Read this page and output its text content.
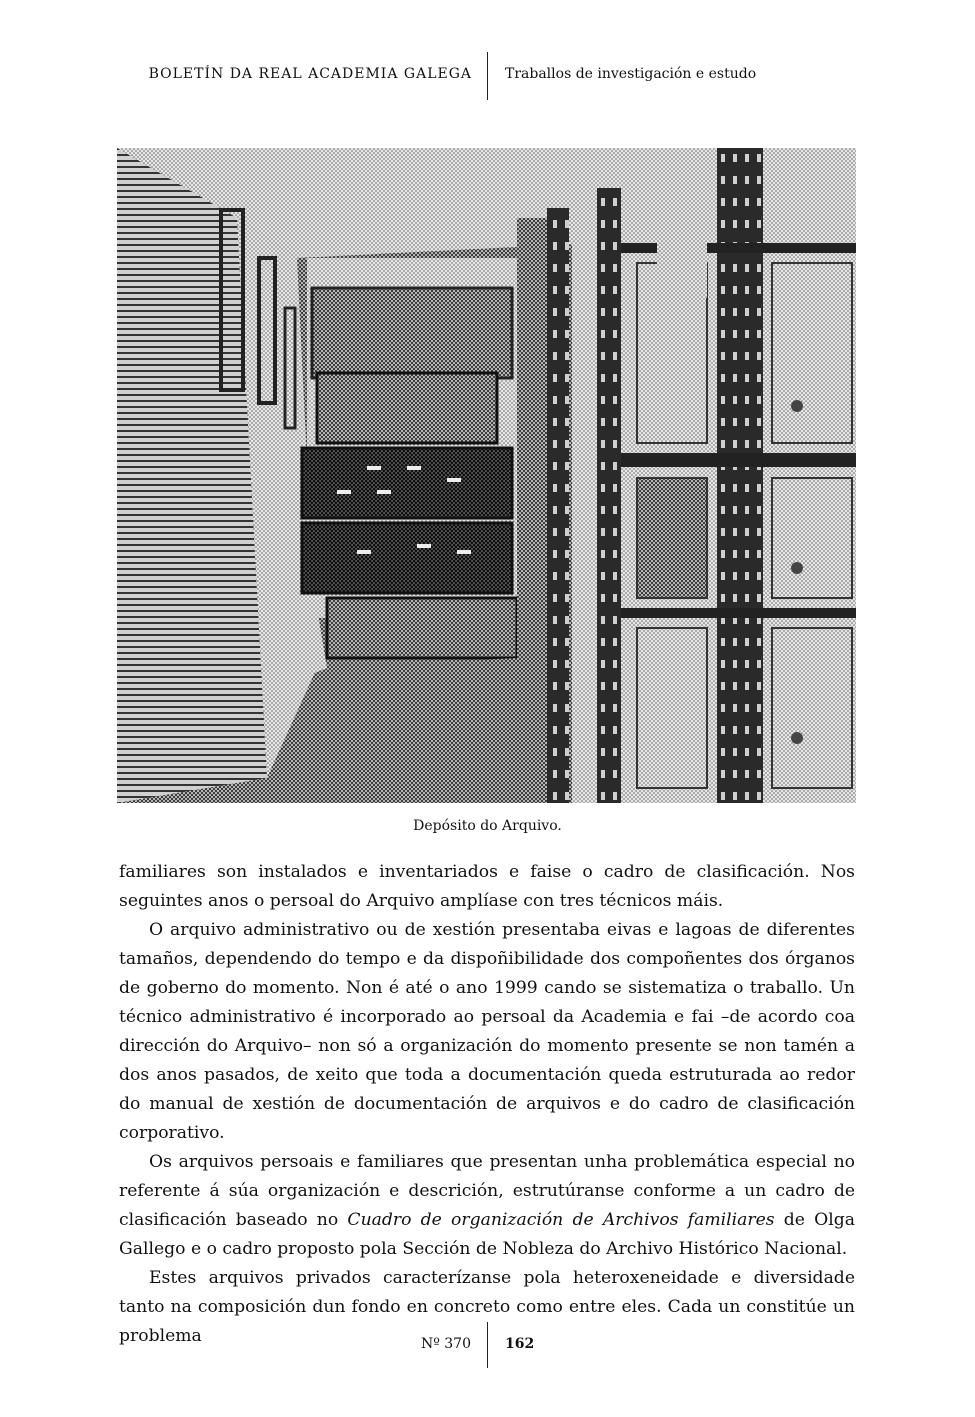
BOLETÍN DA REAL ACADEMIA GALEGA Traballos de investigación e estudo
Depósito do Arquivo.

familiares son instalados e inventariados e faise o cadro de clasificación. Nos seguintes anos o persoal do Arquivo amplíase con tres técnicos máis.

O arquivo administrativo ou de xestión presentaba eivas e lagoas de diferentes tamaños, dependendo do tempo e da dispoñibilidade dos compoñentes dos órganos de goberno do momento. Non é até o ano 1999 cando se sistematiza o traballo. Un técnico administrativo é incorporado ao persoal da Academia e fai –de acordo coa dirección do Arquivo– non só a organización do momento presente se non tamén a dos anos pasados, de xeito que toda a documentación queda estruturada ao redor do manual de xestión de documentación de arquivos e do cadro de clasificación corporativo.

Os arquivos persoais e familiares que presentan unha problemática especial no referente á súa organización e descrición, estrutúranse conforme a un cadro de clasificación baseado no Cuadro de organización de Archivos familiares de Olga Gallego e o cadro proposto pola Sección de Nobleza do Archivo Histórico Nacional.

Estes arquivos privados caracterízanse pola heteroxeneidade e diversidade tanto na composición dun fondo en concreto como entre eles. Cada un constitúe un problema	Nº 370 162
